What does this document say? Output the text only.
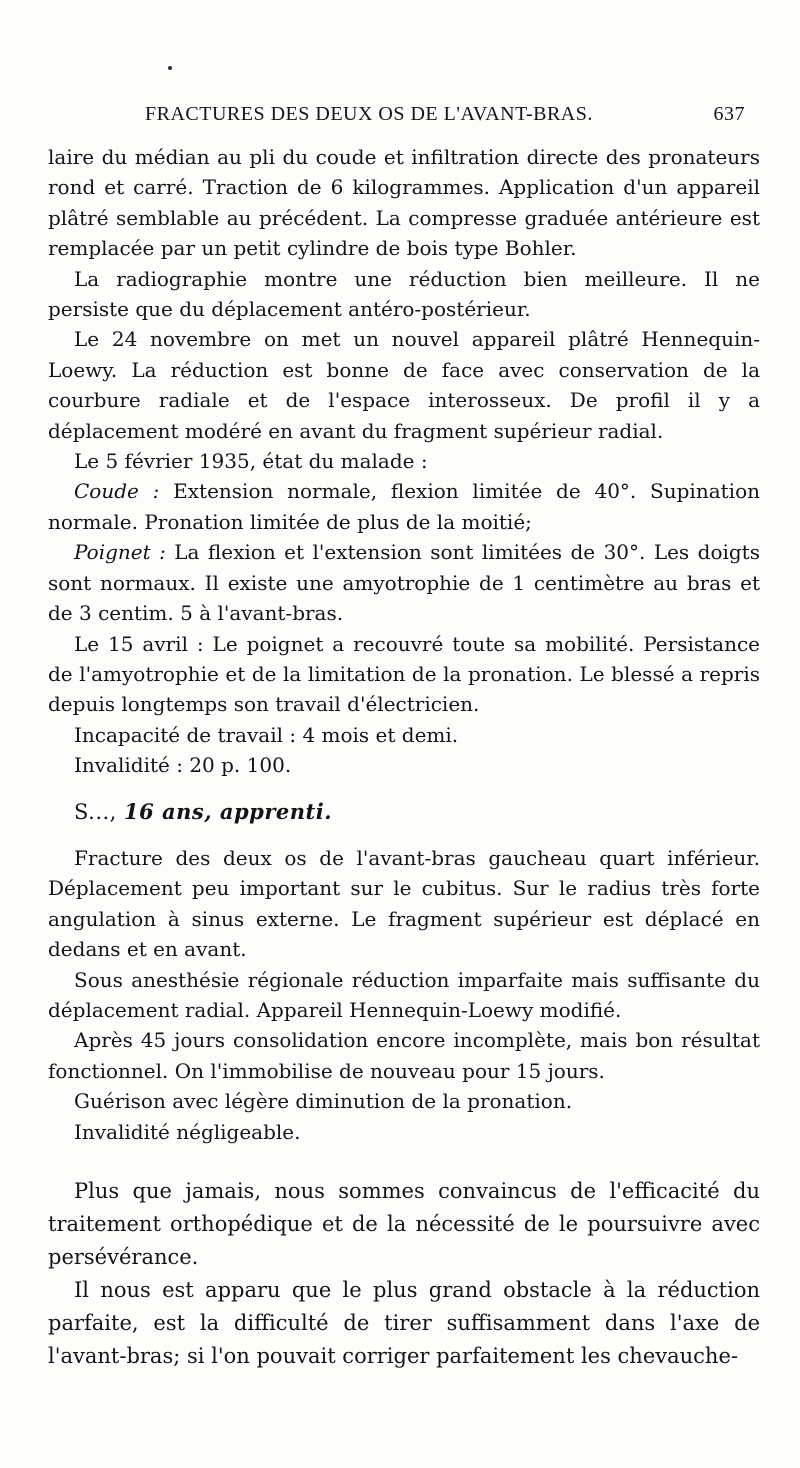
FRACTURES DES DEUX OS DE L'AVANT-BRAS.	637

laire du médian au pli du coude et infiltration directe des pronateurs rond et carré. Traction de 6 kilogrammes. Application d'un appareil plâtré semblable au précédent. La compresse graduée antérieure est remplacée par un petit cylindre de bois type Bohler.

La radiographie montre une réduction bien meilleure. Il ne persiste que du déplacement antéro-postérieur.

Le 24 novembre on met un nouvel appareil plâtré Hennequin-Loewy. La réduction est bonne de face avec conservation de la courbure radiale et de l'espace interosseux. De profil il y a déplacement modéré en avant du fragment supérieur radial.

Le 5 février 1935, état du malade :

Coude : Extension normale, flexion limitée de 40°. Supination normale. Pronation limitée de plus de la moitié;

Poignet : La flexion et l'extension sont limitées de 30°. Les doigts sont normaux. Il existe une amyotrophie de 1 centimètre au bras et de 3 centim. 5 à l'avant-bras.

Le 15 avril : Le poignet a recouvré toute sa mobilité. Persistance de l'amyotrophie et de la limitation de la pronation. Le blessé a repris depuis longtemps son travail d'électricien.

Incapacité de travail : 4 mois et demi.

Invalidité : 20 p. 100.

S..., 16 ans, apprenti.

Fracture des deux os de l'avant-bras gaucheau quart inférieur. Déplacement peu important sur le cubitus. Sur le radius très forte angulation à sinus externe. Le fragment supérieur est déplacé en dedans et en avant.

Sous anesthésie régionale réduction imparfaite mais suffisante du déplacement radial. Appareil Hennequin-Loewy modifié.

Après 45 jours consolidation encore incomplète, mais bon résultat fonctionnel. On l'immobilise de nouveau pour 15 jours.

Guérison avec légère diminution de la pronation.

Invalidité négligeable.

Plus que jamais, nous sommes convaincus de l'efficacité du traitement orthopédique et de la nécessité de le poursuivre avec persévérance.

Il nous est apparu que le plus grand obstacle à la réduction parfaite, est la difficulté de tirer suffisamment dans l'axe de l'avant-bras; si l'on pouvait corriger parfaitement les chevauche-
